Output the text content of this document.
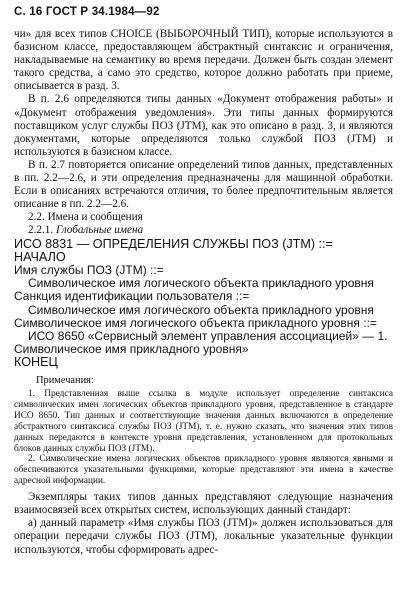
С. 16 ГОСТ Р 34.1984—92

чи» для всех типов CHOICE (ВЫБОРОЧНЫЙ ТИП), которые используются в базисном классе, предоставляющем абстрактный синтаксис и ограничения, накладываемые на семантику во время передачи. Должен быть создан элемент такого средства, а само это средство, которое должно работать при приеме, описывается в разд. 3.

В п. 2.6 определяются типы данных «Документ отображения работы» и «Документ отображения уведомления». Эти типы данных формируются поставщиком услуг службы ПОЗ (JTM), как это описано в разд. 3, и являются документами, которые определяются только службой ПОЗ (JTM) и используются в базисном классе.

В п. 2.7 повторяется описание определений типов данных, представленных в пп. 2.2—2.6, и эти определения предназначены для машинной обработки. Если в описаниях встречаются отличия, то более предпочтительным является описание в пп. 2.2—2.6.

2.2. Имена и сообщения

2.2.1. Глобальные имена

ИСО 8831 — ОПРЕДЕЛЕНИЯ СЛУЖБЫ ПОЗ (JTM) ::=

НАЧАЛО

Имя службы ПОЗ (JTM) ::=

Символическое имя логического объекта прикладного уровня

Санкция идентификации пользователя ::=

Символическое имя логического объекта прикладного уровня

Символическое имя логического объекта прикладного уровня ::=

ИСО 8650 «Сервисный элемент управления ассоциацией» — 1. Символическое имя прикладного уровня»

КОНЕЦ

Примечания:

1. Представленная выше ссылка в модуле использует определение синтаксиса символических имен логических объектов прикладного уровня, представленное в стандарте ИСО 8650. Тип данных и соответствующие значения данных включаются в определение абстрактного синтаксиса службы ПОЗ (JTM), т. е. нужно сказать, что значения этих типов данных передаются в контексте уровня представления, установленном для протокольных блоков данных службы ПОЗ (JTM).

2. Символические имена логических объектов прикладного уровня являются явными и обеспечиваются указательными функциями, которые представляют эти имена в качестве адресной информации.

Экземпляры таких типов данных представляют следующие назначения взаимосвязей всех открытых систем, использующих данный стандарт:

а) данный параметр «Имя службы ПОЗ (JTM)» должен использоваться для операции передачи службы ПОЗ (JTM), локальные указательные функции используются, чтобы сформировать адрес-
